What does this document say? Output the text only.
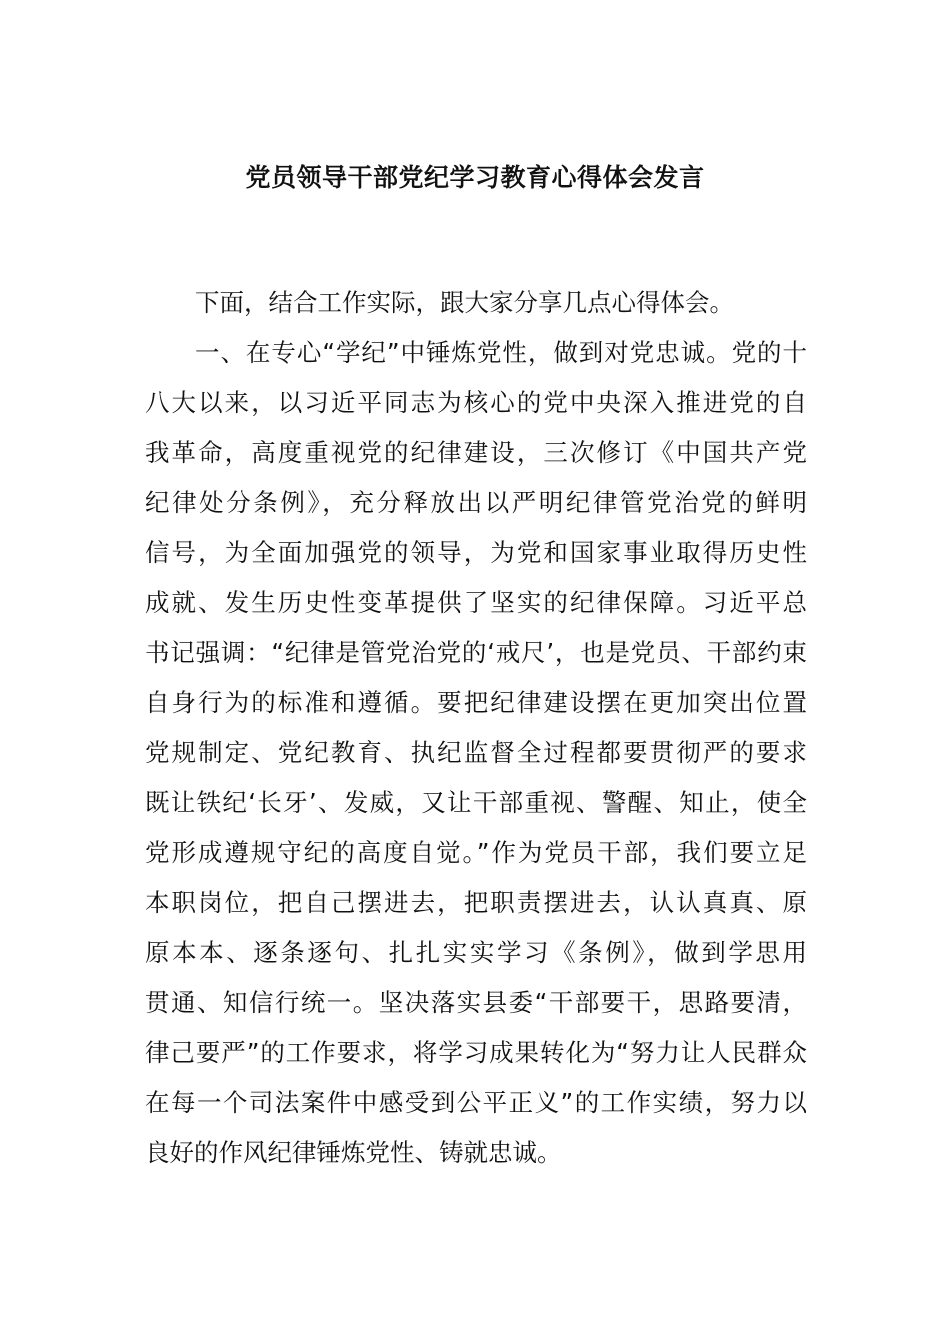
党员领导干部党纪学习教育心得体会发言
下面，结合工作实际，跟大家分享几点心得体会。
一、在专心“学纪”中锤炼党性，做到对党忠诚。党的十
八大以来，以习近平同志为核心的党中央深入推进党的自
我革命，高度重视党的纪律建设，三次修订《中国共产党
纪律处分条例》，充分释放出以严明纪律管党治党的鲜明
信号，为全面加强党的领导，为党和国家事业取得历史性
成就、发生历史性变革提供了坚实的纪律保障。习近平总
书记强调：“纪律是管党治党的‘戒尺’，也是党员、干部约束
自身行为的标准和遵循。要把纪律建设摆在更加突出位置
党规制定、党纪教育、执纪监督全过程都要贯彻严的要求
既让铁纪‘长牙’、发威，又让干部重视、警醒、知止，使全
党形成遵规守纪的高度自觉。”作为党员干部，我们要立足
本职岗位，把自己摆进去，把职责摆进去，认认真真、原
原本本、逐条逐句、扎扎实实学习《条例》，做到学思用
贯通、知信行统一。坚决落实县委“干部要干，思路要清，
律己要严”的工作要求，将学习成果转化为“努力让人民群众
在每一个司法案件中感受到公平正义”的工作实绩，努力以
良好的作风纪律锤炼党性、铸就忠诚。
